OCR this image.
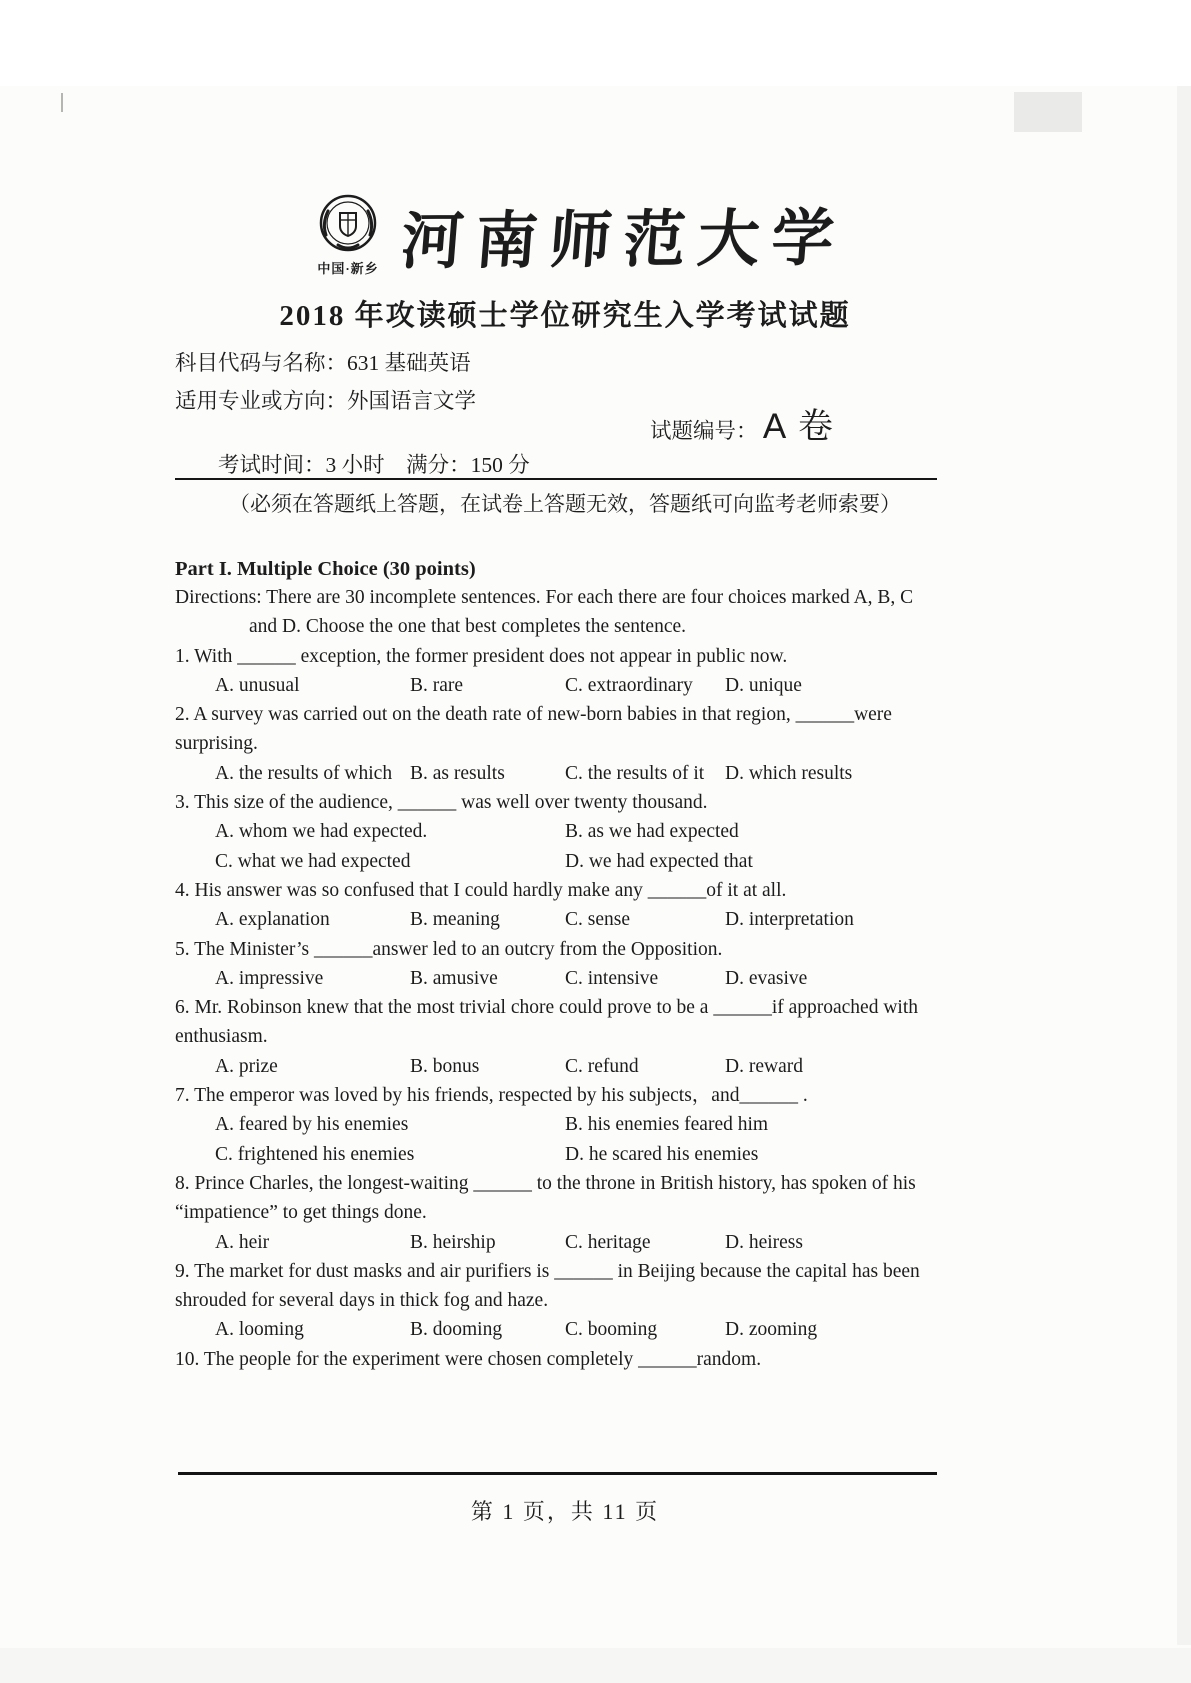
中国·新乡 河南师范大学
2018 年攻读硕士学位研究生入学考试试题
科目代码与名称：631 基础英语
适用专业或方向：外国语言文学

考试时间：3 小时　满分：150 分

试题编号： A 卷

（必须在答题纸上答题，在试卷上答题无效，答题纸可向监考老师索要）
Part I. Multiple Choice (30 points)
Directions: There are 30 incomplete sentences. For each there are four choices marked A, B, C
and D. Choose the one that best completes the sentence.
1. With ______ exception, the former president does not appear in public now.
A. unusual	B. rare	C. extraordinary	D. unique
2. A survey was carried out on the death rate of new-born babies in that region, ______were
surprising.
A. the results of which B. as results	C. the results of it	D. which results
3. This size of the audience, ______ was well over twenty thousand.
A. whom we had expected.	B. as we had expected
C. what we had expected	D. we had expected that
4. His answer was so confused that I could hardly make any ______of it at all.
A. explanation	B. meaning	C. sense	D. interpretation
5. The Minister’s ______answer led to an outcry from the Opposition.
A. impressive	B. amusive	C. intensive	D. evasive
6. Mr. Robinson knew that the most trivial chore could prove to be a ______if approached with
enthusiasm.
A. prize	B. bonus	C. refund	D. reward
7. The emperor was loved by his friends, respected by his subjects，and______ .
A. feared by his enemies	B. his enemies feared him
C. frightened his enemies	D. he scared his enemies
8. Prince Charles, the longest-waiting ______ to the throne in British history, has spoken of his
“impatience” to get things done.
A. heir	B. heirship	C. heritage	D. heiress
9. The market for dust masks and air purifiers is ______ in Beijing because the capital has been
shrouded for several days in thick fog and haze.
A. looming	B. dooming	C. booming	D. zooming
10. The people for the experiment were chosen completely ______random.
第 1 页，共 11 页
